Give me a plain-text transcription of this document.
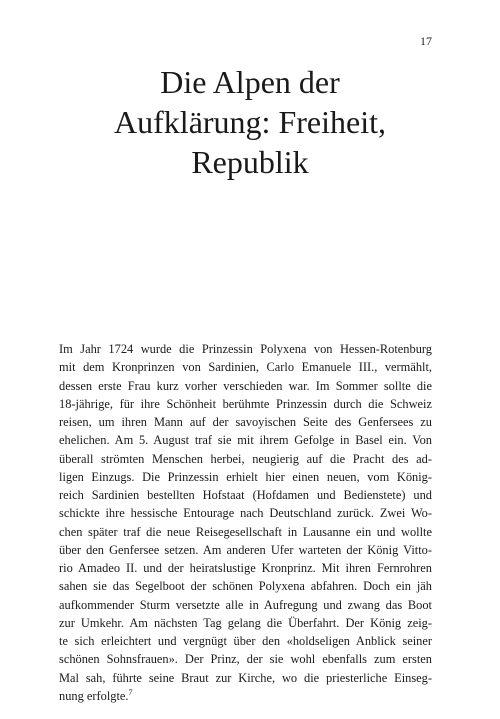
17
Die Alpen der
Aufklärung: Freiheit,
Republik
Im Jahr 1724 wurde die Prinzessin Polyxena von Hessen-Rotenburg
mit dem Kronprinzen von Sardinien, Carlo Emanuele III., vermählt,
dessen erste Frau kurz vorher verschieden war. Im Sommer sollte die
18-jährige, für ihre Schönheit berühmte Prinzessin durch die Schweiz
reisen, um ihren Mann auf der savoyischen Seite des Genfersees zu
ehelichen. Am 5. August traf sie mit ihrem Gefolge in Basel ein. Von
überall strömten Menschen herbei, neugierig auf die Pracht des ad-
ligen Einzugs. Die Prinzessin erhielt hier einen neuen, vom König-
reich Sardinien bestellten Hofstaat (Hofdamen und Bedienstete) und
schickte ihre hessische Entourage nach Deutschland zurück. Zwei Wo-
chen später traf die neue Reisegesellschaft in Lausanne ein und wollte
über den Genfersee setzen. Am anderen Ufer warteten der König Vitto-
rio Amadeo II. und der heiratslustige Kronprinz. Mit ihren Fernrohren
sahen sie das Segelboot der schönen Polyxena abfahren. Doch ein jäh
aufkommender Sturm versetzte alle in Aufregung und zwang das Boot
zur Umkehr. Am nächsten Tag gelang die Überfahrt. Der König zeig-
te sich erleichtert und vergnügt über den «holdseligen Anblick seiner
schönen Sohnsfrauen». Der Prinz, der sie wohl ebenfalls zum ersten
Mal sah, führte seine Braut zur Kirche, wo die priesterliche Einseg-
nung erfolgte.$^7$
